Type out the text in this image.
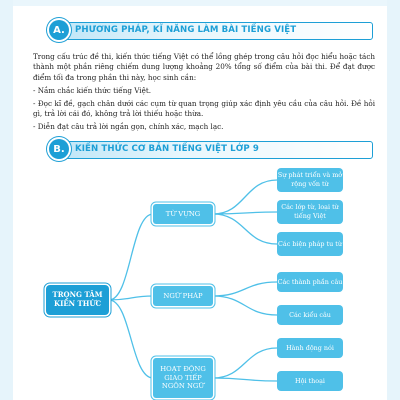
A.	PHƯƠNG PHÁP, KĨ NĂNG LÀM BÀI TIẾNG VIỆT

Trong cấu trúc đề thi, kiến thức tiếng Việt có thể lồng ghép trong câu hỏi đọc hiểu hoặc tách thành một phần riêng chiếm dung lượng khoảng 20% tổng số điểm của bài thi. Để đạt được điểm tối đa trong phần thi này, học sinh cần:

- Nắm chắc kiến thức tiếng Việt.

- Đọc kĩ đề, gạch chân dưới các cụm từ quan trọng giúp xác định yêu cầu của câu hỏi. Đề hỏi gì, trả lời cái đó, không trả lời thiếu hoặc thừa.

- Diễn đạt câu trả lời ngắn gọn, chính xác, mạch lạc.

B.	KIẾN THỨC CƠ BẢN TIẾNG VIỆT LỚP 9
TRỌNG TÂM KIẾN THỨC
TỪ VỰNG
NGỮ PHÁP
HOẠT ĐỘNG GIAO TIẾP NGÔN NGỮ
Sự phát triển và mở rộng vốn từ
Các lớp từ, loại từ tiếng Việt
Các biện pháp tu từ
Các thành phần câu
Các kiểu câu
Hành động nói
Hội thoại
